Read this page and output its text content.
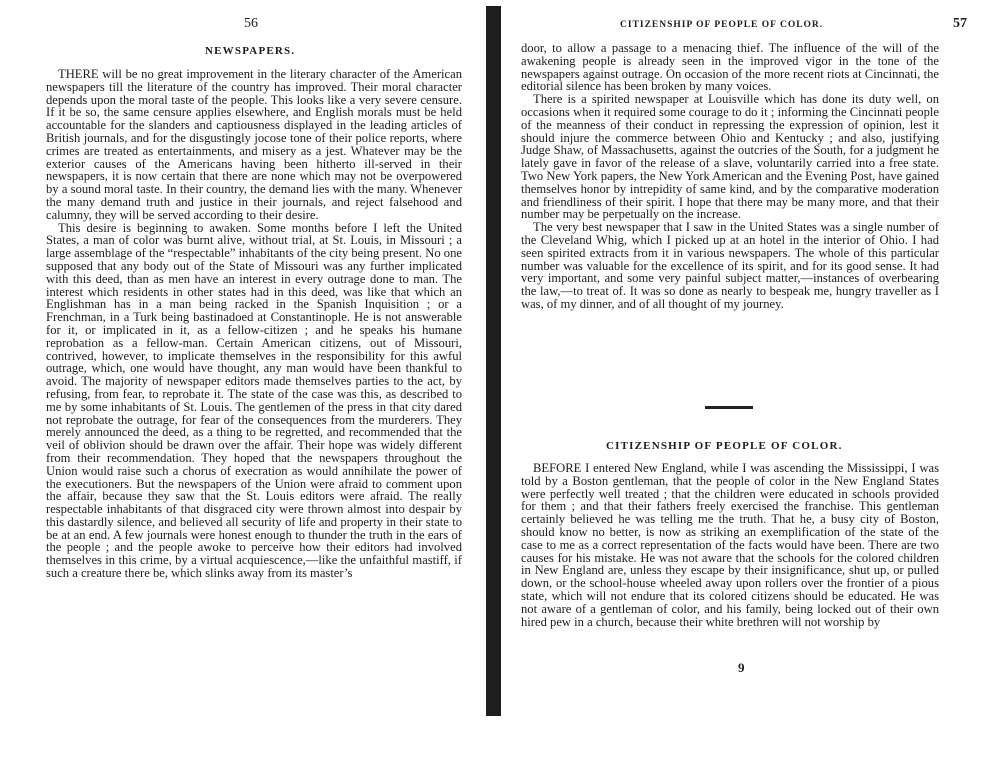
56
NEWSPAPERS.

THERE will be no great improvement in the literary character of the American newspapers till the literature of the country has improved. Their moral character depends upon the moral taste of the people. This looks like a very severe censure. If it be so, the same censure applies elsewhere, and English morals must be held accountable for the slanders and captiousness displayed in the leading articles of British journals, and for the disgustingly jocose tone of their police reports, where crimes are treated as entertainments, and misery as a jest. Whatever may be the exterior causes of the Americans having been hitherto ill-served in their newspapers, it is now certain that there are none which may not be overpowered by a sound moral taste. In their country, the demand lies with the many. Whenever the many demand truth and justice in their journals, and reject falsehood and calumny, they will be served according to their desire.

This desire is beginning to awaken. Some months before I left the United States, a man of color was burnt alive, without trial, at St. Louis, in Missouri ; a large assemblage of the “respectable” inhabitants of the city being present. No one supposed that any body out of the State of Missouri was any further implicated with this deed, than as men have an interest in every outrage done to man. The interest which residents in other states had in this deed, was like that which an Englishman has in a man being racked in the Spanish Inquisition ; or a Frenchman, in a Turk being bastinadoed at Constantinople. He is not answerable for it, or implicated in it, as a fellow-citizen ; and he speaks his humane reprobation as a fellow-man. Certain American citizens, out of Missouri, contrived, however, to implicate themselves in the responsibility for this awful outrage, which, one would have thought, any man would have been thankful to avoid. The majority of newspaper editors made themselves parties to the act, by refusing, from fear, to reprobate it. The state of the case was this, as described to me by some inhabitants of St. Louis. The gentlemen of the press in that city dared not reprobate the outrage, for fear of the consequences from the murderers. They merely announced the deed, as a thing to be regretted, and recommended that the veil of oblivion should be drawn over the affair. Their hope was widely different from their recommendation. They hoped that the newspapers throughout the Union would raise such a chorus of execration as would annihilate the power of the executioners. But the newspapers of the Union were afraid to comment upon the affair, because they saw that the St. Louis editors were afraid. The really respectable inhabitants of that disgraced city were thrown almost into despair by this dastardly silence, and believed all security of life and property in their state to be at an end. A few journals were honest enough to thunder the truth in the ears of the people ; and the people awoke to perceive how their editors had involved themselves in this crime, by a virtual acquiescence,—like the unfaithful mastiff, if such a creature there be, which slinks away from its master’s

CITIZENSHIP OF PEOPLE OF COLOR.	57

door, to allow a passage to a menacing thief. The influence of the will of the awakening people is already seen in the improved vigor in the tone of the newspapers against outrage. On occasion of the more recent riots at Cincinnati, the editorial silence has been broken by many voices.

There is a spirited newspaper at Louisville which has done its duty well, on occasions when it required some courage to do it ; informing the Cincinnati people of the meanness of their conduct in repressing the expression of opinion, lest it should injure the commerce between Ohio and Kentucky ; and also, justifying Judge Shaw, of Massachusetts, against the outcries of the South, for a judgment he lately gave in favor of the release of a slave, voluntarily carried into a free state. Two New York papers, the New York American and the Evening Post, have gained themselves honor by intrepidity of same kind, and by the comparative moderation and friendliness of their spirit. I hope that there may be many more, and that their number may be perpetually on the increase.

The very best newspaper that I saw in the United States was a single number of the Cleveland Whig, which I picked up at an hotel in the interior of Ohio. I had seen spirited extracts from it in various newspapers. The whole of this particular number was valuable for the excellence of its spirit, and for its good sense. It had very important, and some very painful subject matter,—instances of overbearing the law,—to treat of. It was so done as nearly to bespeak me, hungry traveller as I was, of my dinner, and of all thought of my journey.

CITIZENSHIP OF PEOPLE OF COLOR.

BEFORE I entered New England, while I was ascending the Mississippi, I was told by a Boston gentleman, that the people of color in the New England States were perfectly well treated ; that the children were educated in schools provided for them ; and that their fathers freely exercised the franchise. This gentleman certainly believed he was telling me the truth. That he, a busy city of Boston, should know no better, is now as striking an exemplification of the state of the case to me as a correct representation of the facts would have been. There are two causes for his mistake. He was not aware that the schools for the colored children in New England are, unless they escape by their insignificance, shut up, or pulled down, or the school-house wheeled away upon rollers over the frontier of a pious state, which will not endure that its colored citizens should be educated. He was not aware of a gentleman of color, and his family, being locked out of their own hired pew in a church, because their white brethren will not worship by

9
